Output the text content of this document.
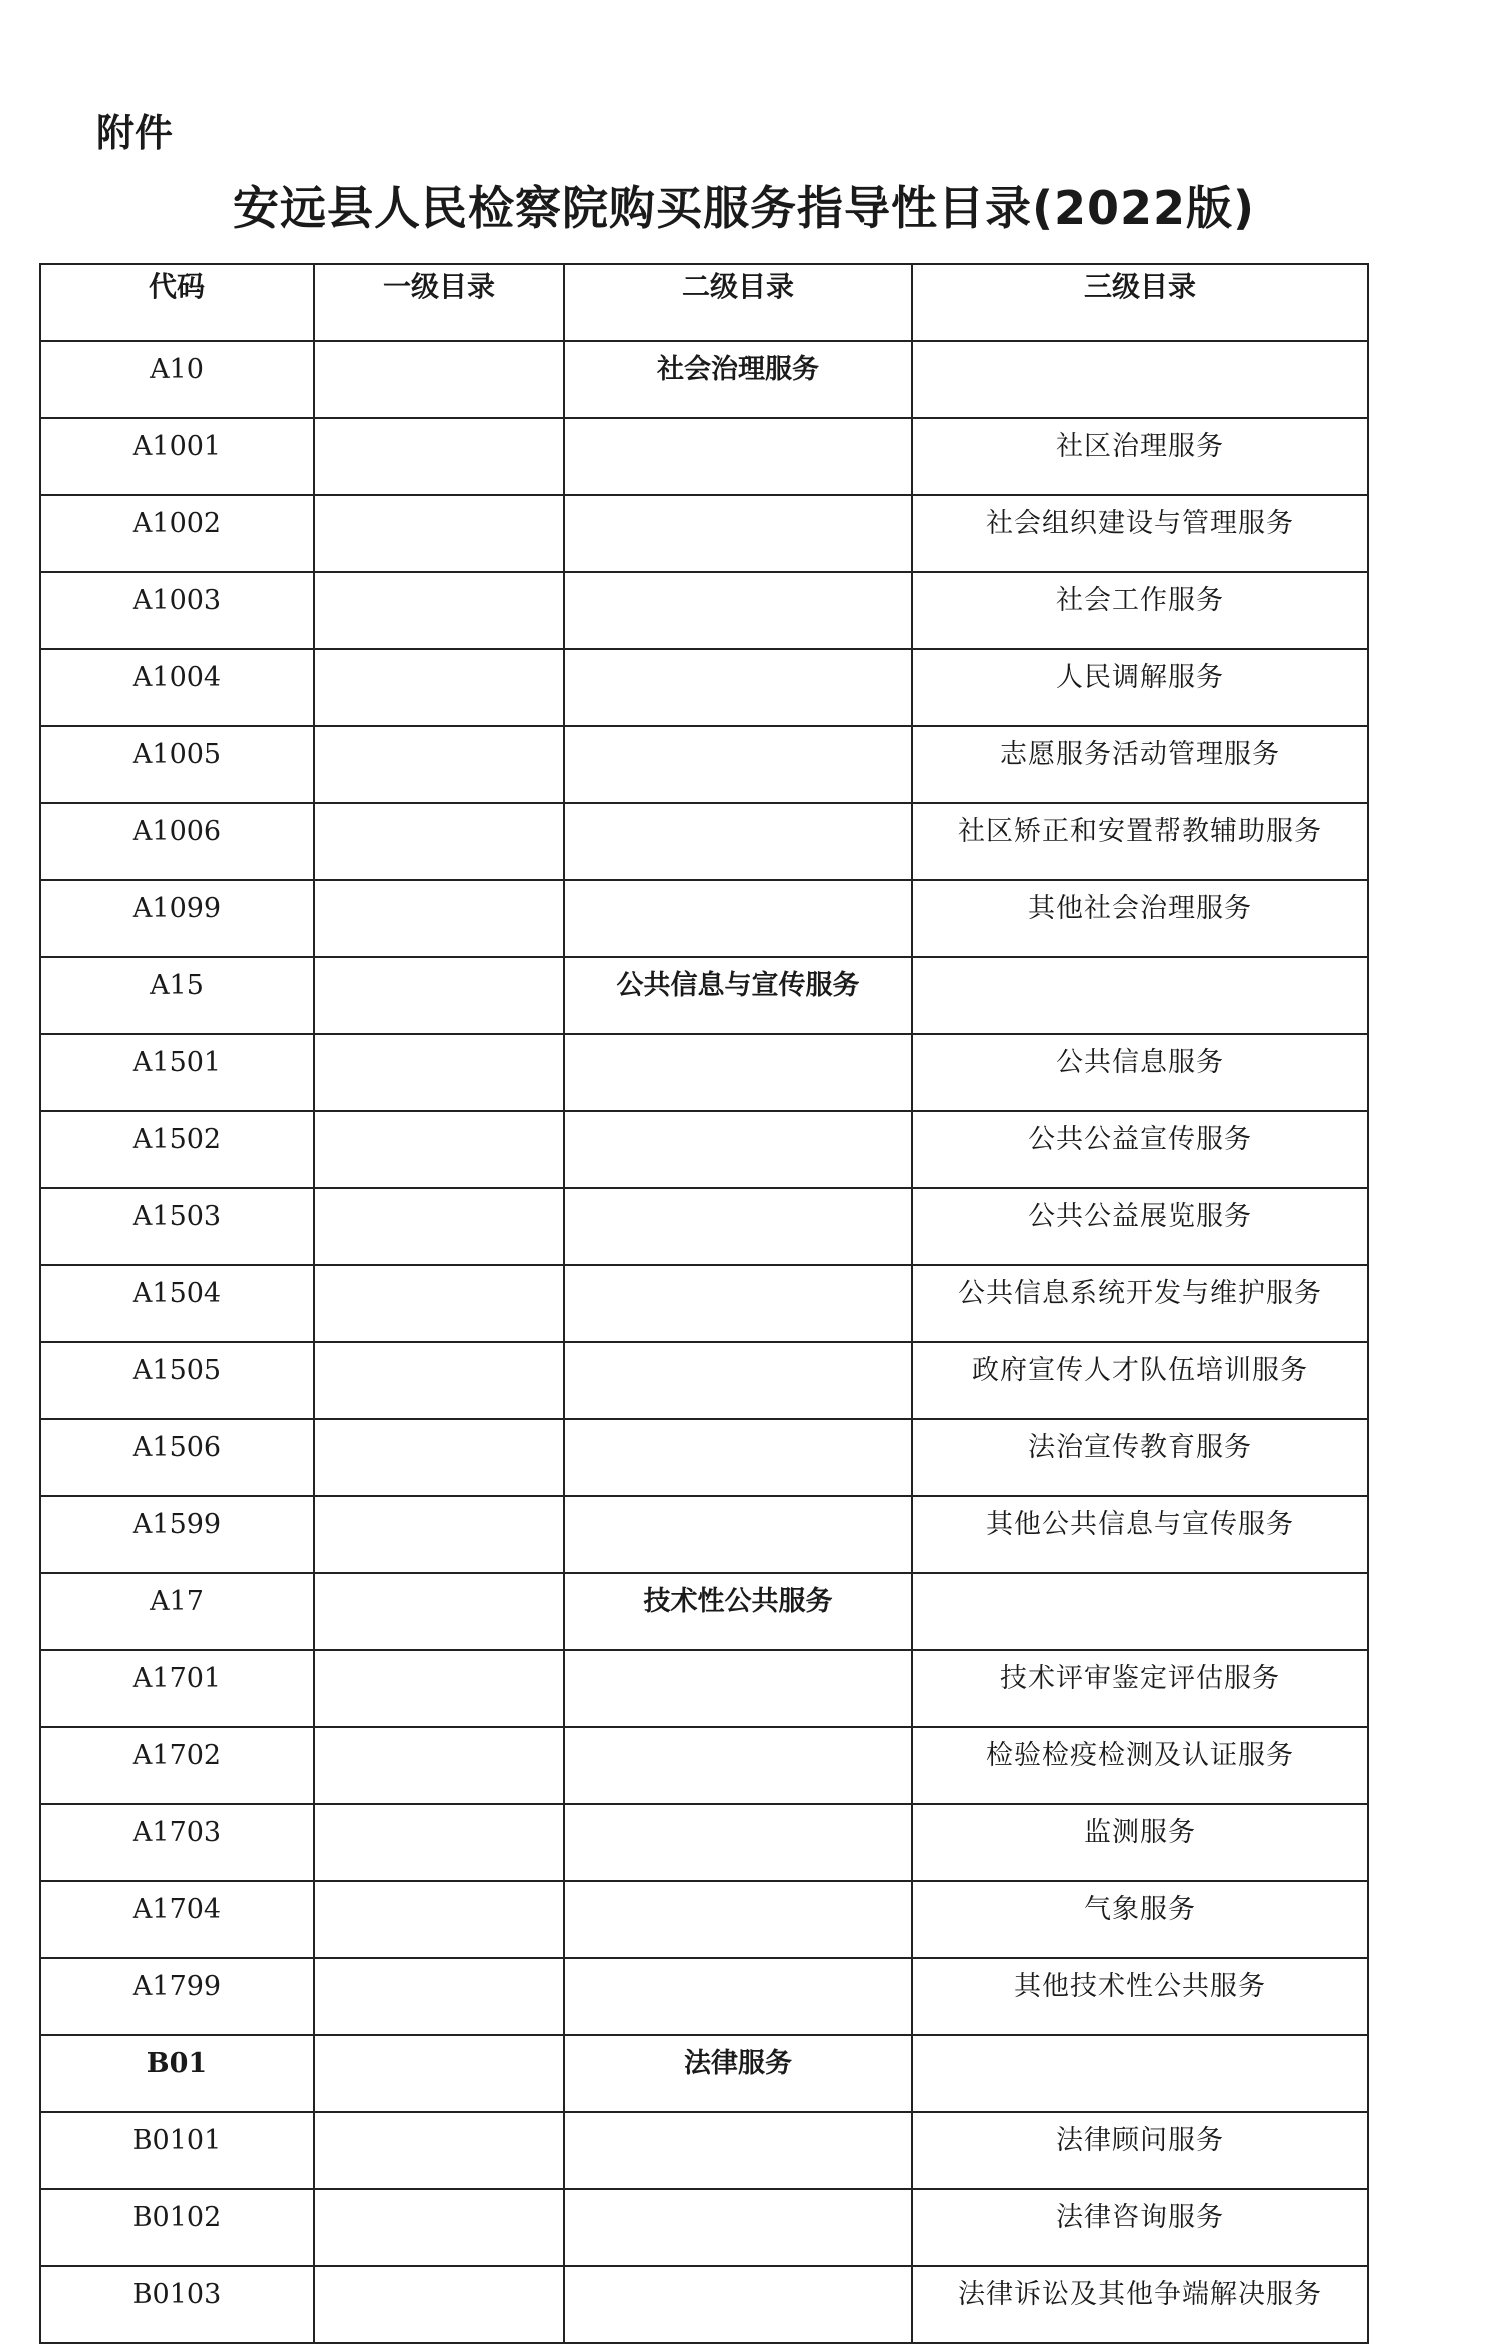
附件
安远县人民检察院购买服务指导性目录(2022版)
代码	一级目录	二级目录	三级目录
A10		社会治理服务	
A1001			社区治理服务
A1002			社会组织建设与管理服务
A1003			社会工作服务
A1004			人民调解服务
A1005			志愿服务活动管理服务
A1006			社区矫正和安置帮教辅助服务
A1099			其他社会治理服务
A15		公共信息与宣传服务	
A1501			公共信息服务
A1502			公共公益宣传服务
A1503			公共公益展览服务
A1504			公共信息系统开发与维护服务
A1505			政府宣传人才队伍培训服务
A1506			法治宣传教育服务
A1599			其他公共信息与宣传服务
A17		技术性公共服务	
A1701			技术评审鉴定评估服务
A1702			检验检疫检测及认证服务
A1703			监测服务
A1704			气象服务
A1799			其他技术性公共服务
B01		法律服务	
B0101			法律顾问服务
B0102			法律咨询服务
B0103			法律诉讼及其他争端解决服务
